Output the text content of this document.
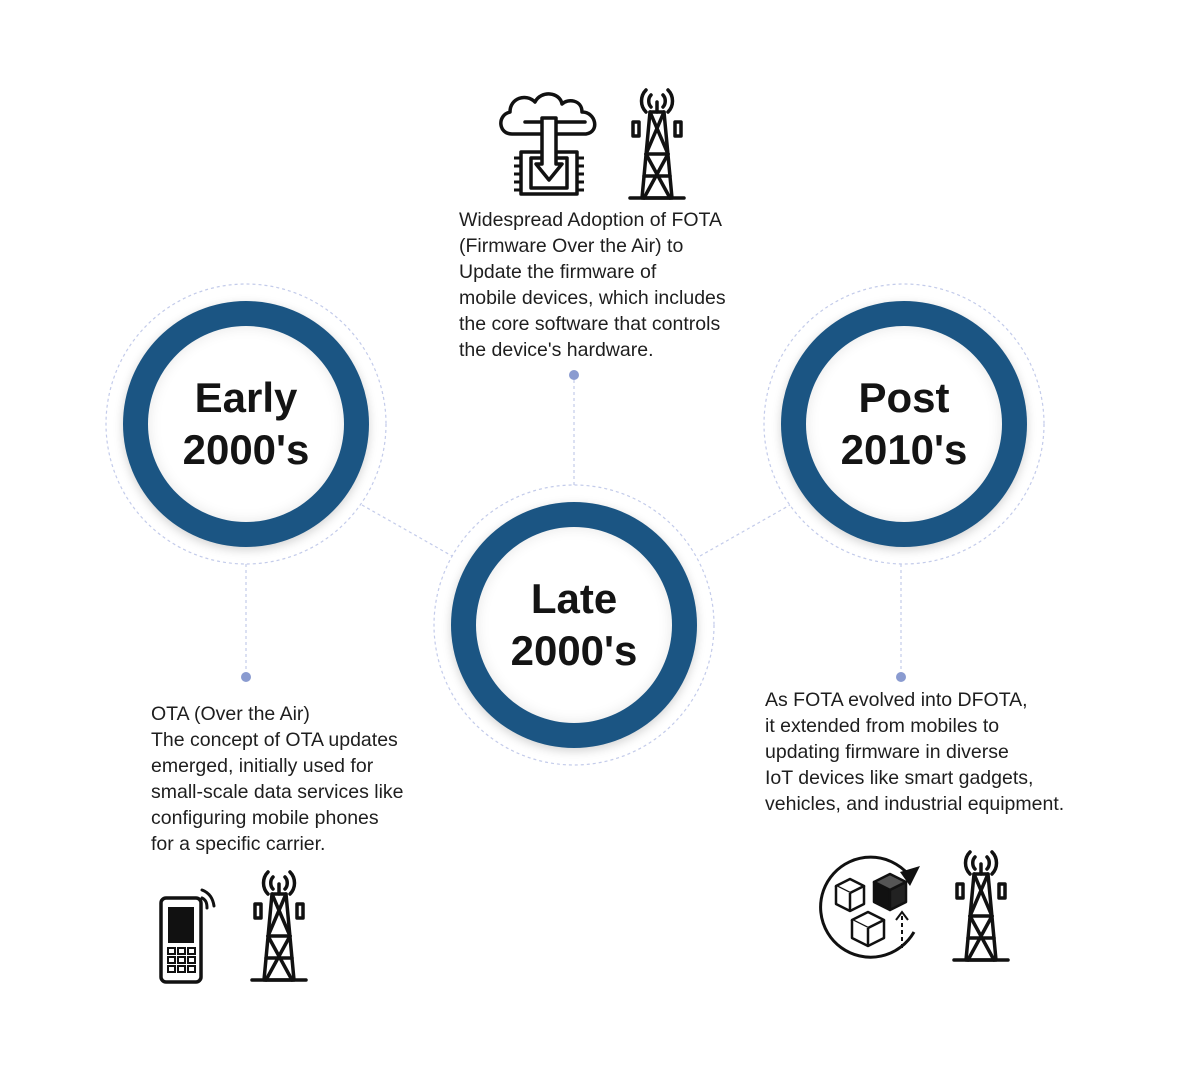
Early
2000's
Late
2000's
Post
2010's
OTA (Over the Air)
The concept of OTA updates
emerged, initially used for
small-scale data services like
configuring mobile phones
for a specific carrier.
Widespread Adoption of FOTA
(Firmware Over the Air) to
Update the firmware of
mobile devices, which includes
the core software that controls
the device's hardware.
As FOTA evolved into DFOTA,
it extended from mobiles to
updating firmware in diverse
IoT devices like smart gadgets,
vehicles, and industrial equipment.
